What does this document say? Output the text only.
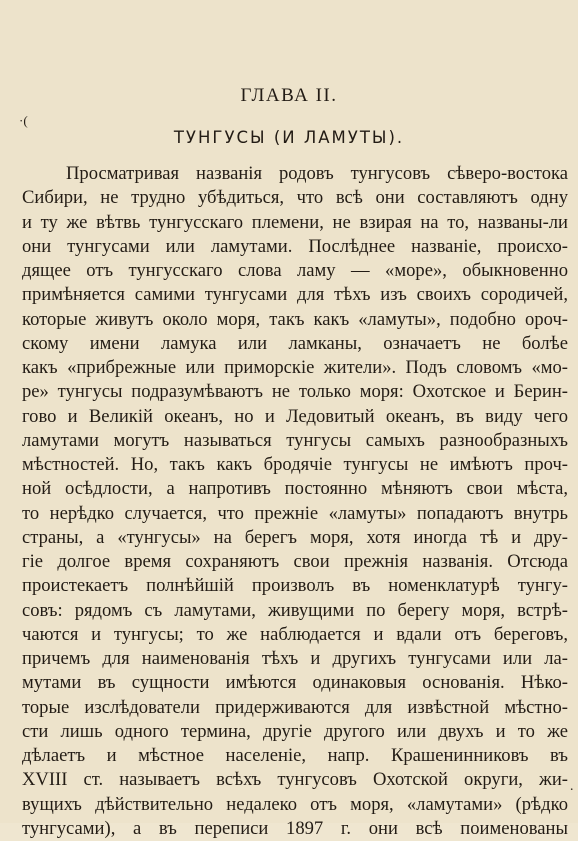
ГЛАВА II.
·(
ТУНГУСЫ (И ЛАМУТЫ).
Просматривая названія родовъ тунгусовъ сѣверо-востока
Сибири, не трудно убѣдиться, что всѣ они составляютъ одну
и ту же вѣтвь тунгусскаго племени, не взирая на то, названы-ли
они тунгусами или ламутами. Послѣднее названіе, происхо-
дящее отъ тунгусскаго слова ламу — «море», обыкновенно
примѣняется самими тунгусами для тѣхъ изъ своихъ сородичей,
которые живутъ около моря, такъ какъ «ламуты», подобно ороч-
скому имени ламука или ламканы, означаетъ не болѣе
какъ «прибрежные или приморскіе жители». Подъ словомъ «мо-
ре» тунгусы подразумѣваютъ не только моря: Охотское и Берин-
гово и Великій океанъ, но и Ледовитый океанъ, въ виду чего
ламутами могутъ называться тунгусы самыхъ разнообразныхъ
мѣстностей. Но, такъ какъ бродячіе тунгусы не имѣютъ проч-
ной осѣдлости, а напротивъ постоянно мѣняютъ свои мѣста,
то нерѣдко случается, что прежніе «ламуты» попадаютъ внутрь
страны, а «тунгусы» на берегъ моря, хотя иногда тѣ и дру-
гіе долгое время сохраняютъ свои прежнія названія. Отсюда
проистекаетъ полнѣйшій произволъ въ номенклатурѣ тунгу-
совъ: рядомъ съ ламутами, живущими по берегу моря, встрѣ-
чаются и тунгусы; то же наблюдается и вдали отъ береговъ,
причемъ для наименованія тѣхъ и другихъ тунгусами или ла-
мутами въ сущности имѣются одинаковыя основанія. Нѣко-
торые изслѣдователи придерживаются для извѣстной мѣстно-
сти лишь одного термина, другіе другого или двухъ и то же
дѣлаетъ и мѣстное населеніе, напр. Крашенинниковъ въ
XVIII ст. называетъ всѣхъ тунгусовъ Охотской округи, жи-
вущихъ дѣйствительно недалеко отъ моря, «ламутами» (рѣдко
тунгусами), а въ переписи 1897 г. они всѣ поименованы
·
